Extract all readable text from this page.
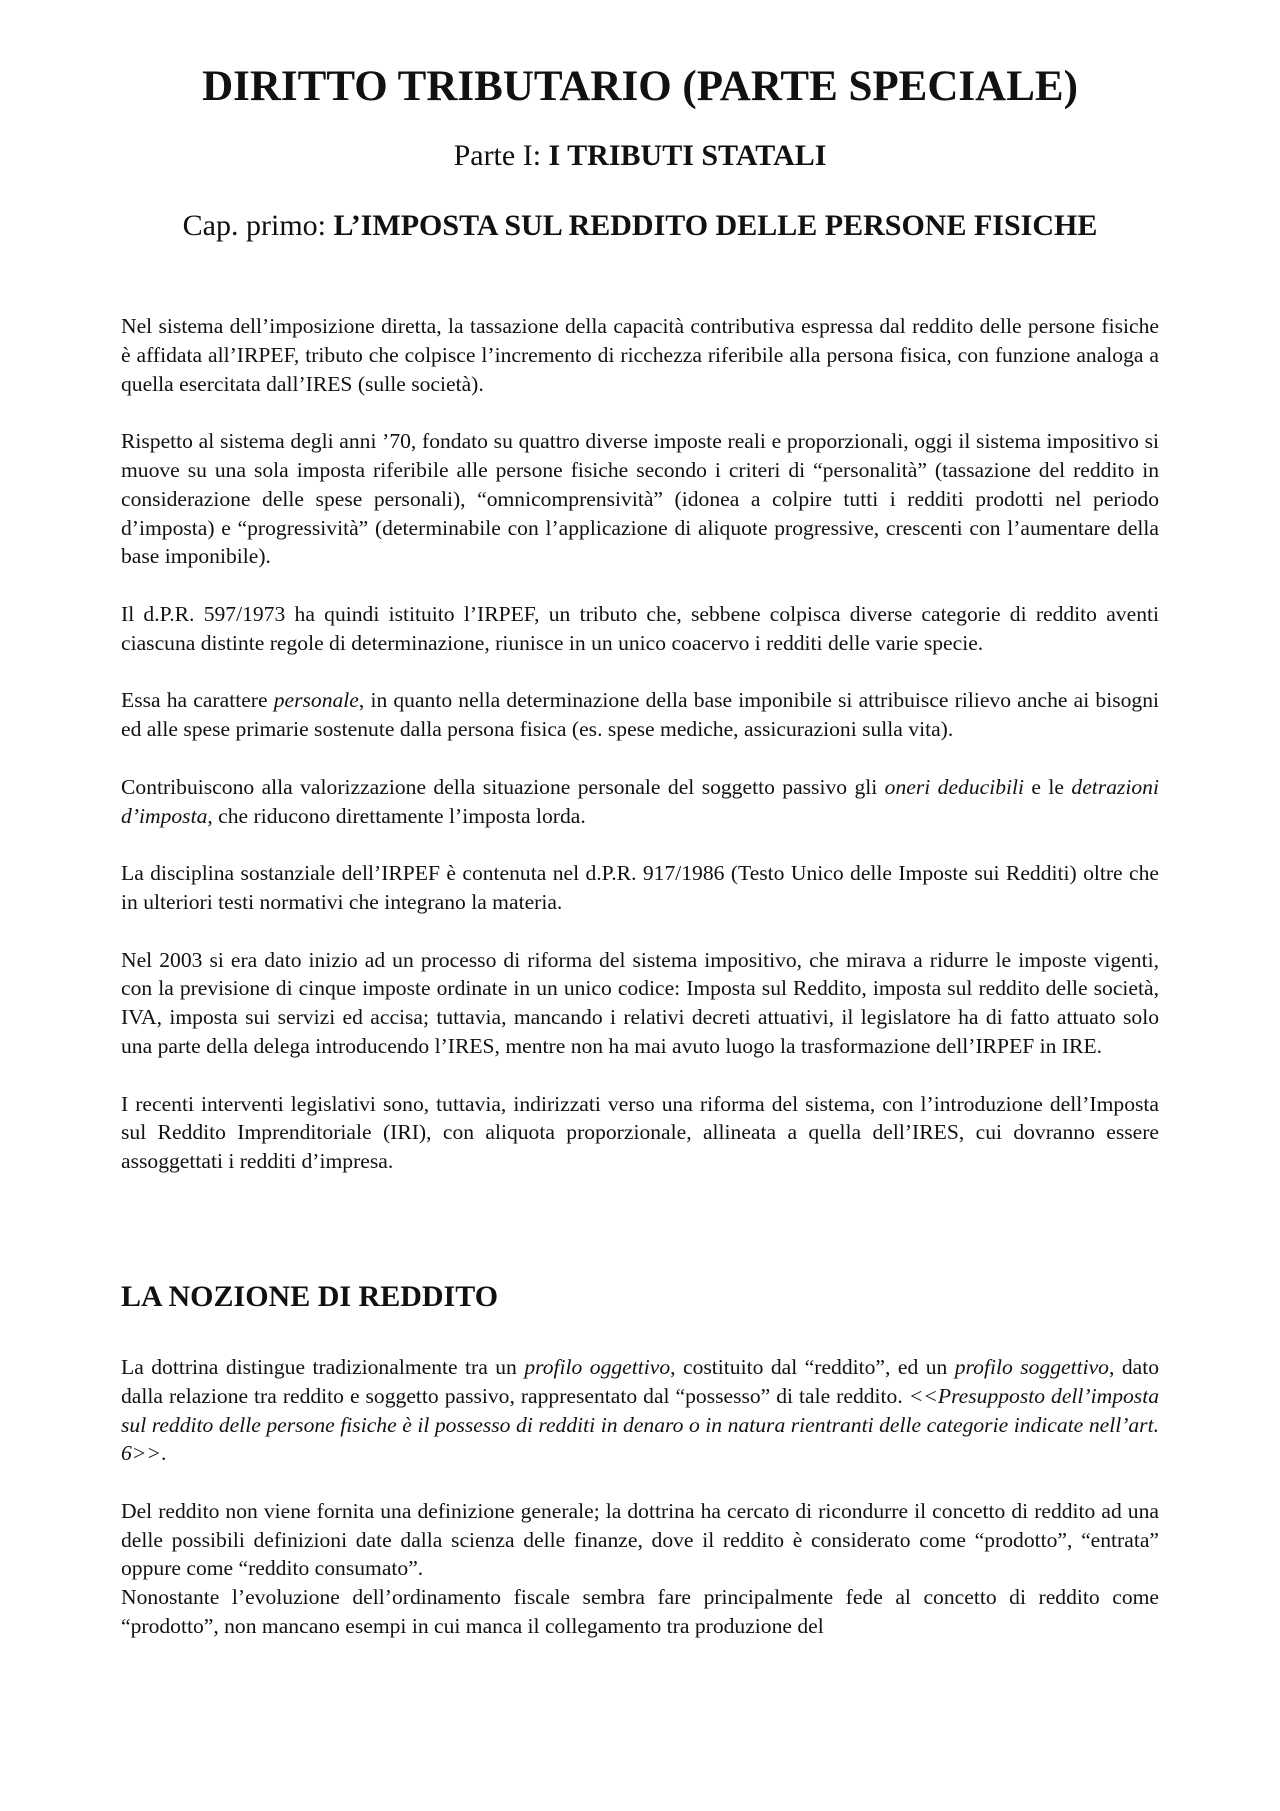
DIRITTO TRIBUTARIO (PARTE SPECIALE)
Parte I: I TRIBUTI STATALI
Cap. primo: L’IMPOSTA SUL REDDITO DELLE PERSONE FISICHE

Nel sistema dell’imposizione diretta, la tassazione della capacità contributiva espressa dal reddito delle persone fisiche è affidata all’IRPEF, tributo che colpisce l’incremento di ricchezza riferibile alla persona fisica, con funzione analoga a quella esercitata dall’IRES (sulle società).

Rispetto al sistema degli anni ’70, fondato su quattro diverse imposte reali e proporzionali, oggi il sistema impositivo si muove su una sola imposta riferibile alle persone fisiche secondo i criteri di “personalità” (tassazione del reddito in considerazione delle spese personali), “omnicomprensività” (idonea a colpire tutti i redditi prodotti nel periodo d’imposta) e “progressività” (determinabile con l’applicazione di aliquote progressive, crescenti con l’aumentare della base imponibile).

Il d.P.R. 597/1973 ha quindi istituito l’IRPEF, un tributo che, sebbene colpisca diverse categorie di reddito aventi ciascuna distinte regole di determinazione, riunisce in un unico coacervo i redditi delle varie specie.

Essa ha carattere personale, in quanto nella determinazione della base imponibile si attribuisce rilievo anche ai bisogni ed alle spese primarie sostenute dalla persona fisica (es. spese mediche, assicurazioni sulla vita).

Contribuiscono alla valorizzazione della situazione personale del soggetto passivo gli oneri deducibili e le detrazioni d’imposta, che riducono direttamente l’imposta lorda.

La disciplina sostanziale dell’IRPEF è contenuta nel d.P.R. 917/1986 (Testo Unico delle Imposte sui Redditi) oltre che in ulteriori testi normativi che integrano la materia.

Nel 2003 si era dato inizio ad un processo di riforma del sistema impositivo, che mirava a ridurre le imposte vigenti, con la previsione di cinque imposte ordinate in un unico codice: Imposta sul Reddito, imposta sul reddito delle società, IVA, imposta sui servizi ed accisa; tuttavia, mancando i relativi decreti attuativi, il legislatore ha di fatto attuato solo una parte della delega introducendo l’IRES, mentre non ha mai avuto luogo la trasformazione dell’IRPEF in IRE.

I recenti interventi legislativi sono, tuttavia, indirizzati verso una riforma del sistema, con l’introduzione dell’Imposta sul Reddito Imprenditoriale (IRI), con aliquota proporzionale, allineata a quella dell’IRES, cui dovranno essere assoggettati i redditi d’impresa.

LA NOZIONE DI REDDITO

La dottrina distingue tradizionalmente tra un profilo oggettivo, costituito dal “reddito”, ed un profilo soggettivo, dato dalla relazione tra reddito e soggetto passivo, rappresentato dal “possesso” di tale reddito. <<Presupposto dell’imposta sul reddito delle persone fisiche è il possesso di redditi in denaro o in natura rientranti delle categorie indicate nell’art. 6>>.

Del reddito non viene fornita una definizione generale; la dottrina ha cercato di ricondurre il concetto di reddito ad una delle possibili definizioni date dalla scienza delle finanze, dove il reddito è considerato come “prodotto”, “entrata” oppure come “reddito consumato”.

Nonostante l’evoluzione dell’ordinamento fiscale sembra fare principalmente fede al concetto di reddito come “prodotto”, non mancano esempi in cui manca il collegamento tra produzione del
